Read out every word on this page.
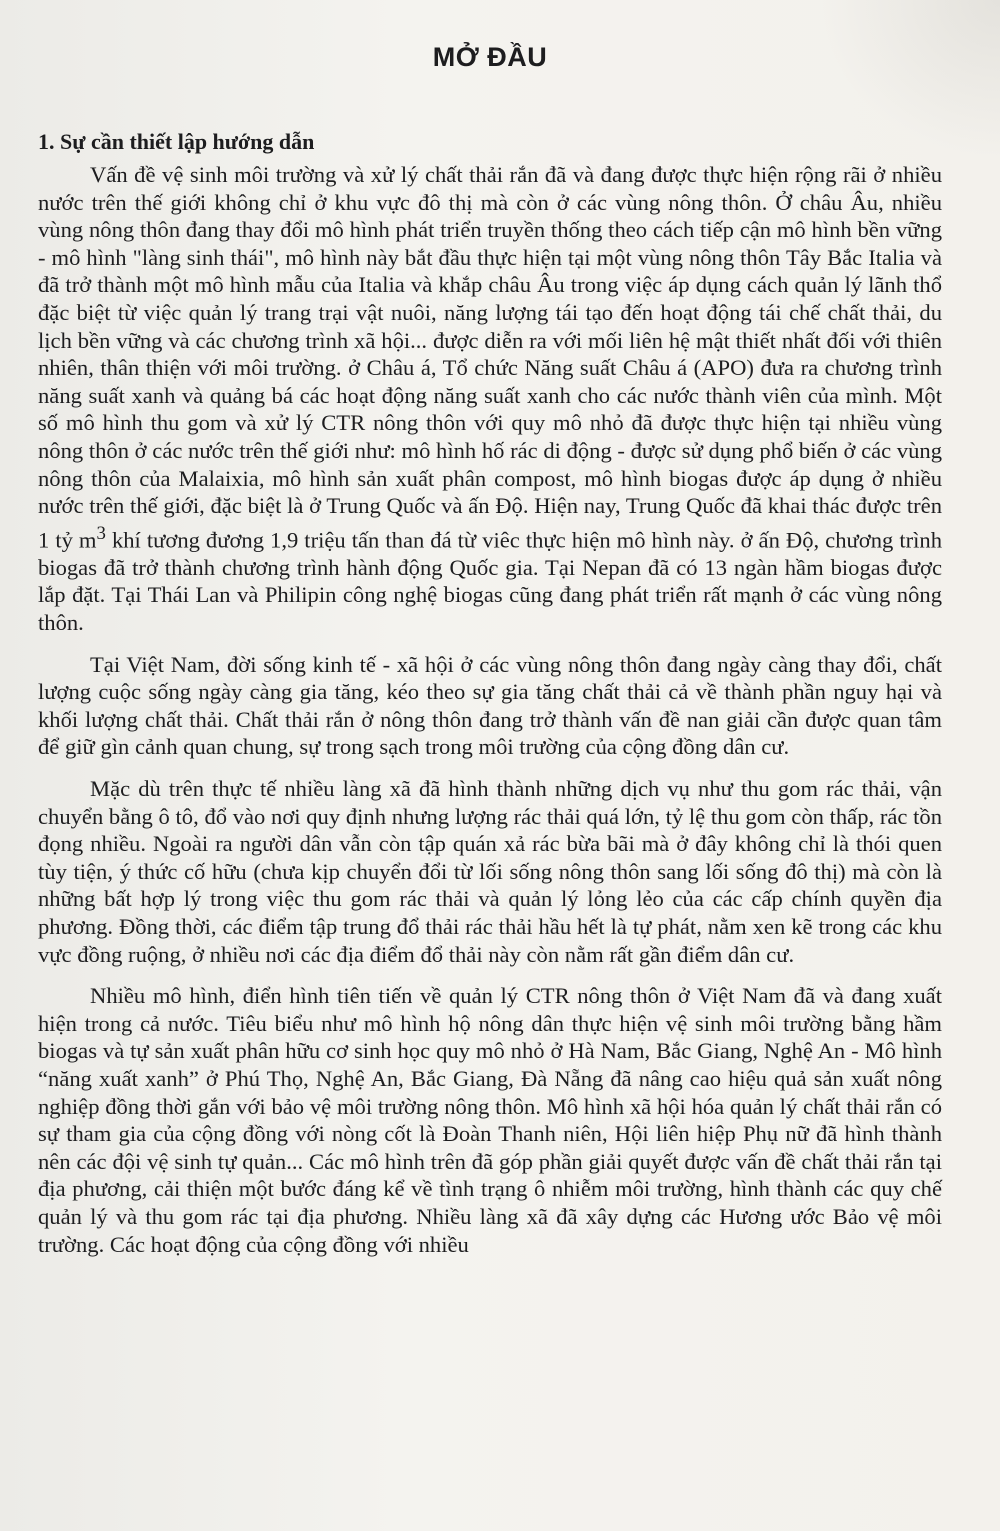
MỞ ĐẦU
1. Sự cần thiết lập hướng dẫn

Vấn đề vệ sinh môi trường và xử lý chất thải rắn đã và đang được thực hiện rộng rãi ở nhiều nước trên thế giới không chỉ ở khu vực đô thị mà còn ở các vùng nông thôn. Ở châu Âu, nhiều vùng nông thôn đang thay đổi mô hình phát triển truyền thống theo cách tiếp cận mô hình bền vững - mô hình "làng sinh thái", mô hình này bắt đầu thực hiện tại một vùng nông thôn Tây Bắc Italia và đã trở thành một mô hình mẫu của Italia và khắp châu Âu trong việc áp dụng cách quản lý lãnh thổ đặc biệt từ việc quản lý trang trại vật nuôi, năng lượng tái tạo đến hoạt động tái chế chất thải, du lịch bền vững và các chương trình xã hội... được diễn ra với mối liên hệ mật thiết nhất đối với thiên nhiên, thân thiện với môi trường. ở Châu á, Tổ chức Năng suất Châu á (APO) đưa ra chương trình năng suất xanh và quảng bá các hoạt động năng suất xanh cho các nước thành viên của mình. Một số mô hình thu gom và xử lý CTR nông thôn với quy mô nhỏ đã được thực hiện tại nhiều vùng nông thôn ở các nước trên thế giới như: mô hình hố rác di động - được sử dụng phổ biến ở các vùng nông thôn của Malaixia, mô hình sản xuất phân compost, mô hình biogas được áp dụng ở nhiều nước trên thế giới, đặc biệt là ở Trung Quốc và ấn Độ. Hiện nay, Trung Quốc đã khai thác được trên 1 tỷ $m^3$ khí tương đương 1,9 triệu tấn than đá từ viêc thực hiện mô hình này. ở ấn Độ, chương trình biogas đã trở thành chương trình hành động Quốc gia. Tại Nepan đã có 13 ngàn hầm biogas được lắp đặt. Tại Thái Lan và Philipin công nghệ biogas cũng đang phát triển rất mạnh ở các vùng nông thôn.

Tại Việt Nam, đời sống kinh tế - xã hội ở các vùng nông thôn đang ngày càng thay đổi, chất lượng cuộc sống ngày càng gia tăng, kéo theo sự gia tăng chất thải cả về thành phần nguy hại và khối lượng chất thải. Chất thải rắn ở nông thôn đang trở thành vấn đề nan giải cần được quan tâm để giữ gìn cảnh quan chung, sự trong sạch trong môi trường của cộng đồng dân cư.

Mặc dù trên thực tế nhiều làng xã đã hình thành những dịch vụ như thu gom rác thải, vận chuyển bằng ô tô, đổ vào nơi quy định nhưng lượng rác thải quá lớn, tỷ lệ thu gom còn thấp, rác tồn đọng nhiều. Ngoài ra người dân vẫn còn tập quán xả rác bừa bãi mà ở đây không chỉ là thói quen tùy tiện, ý thức cố hữu (chưa kịp chuyển đổi từ lối sống nông thôn sang lối sống đô thị) mà còn là những bất hợp lý trong việc thu gom rác thải và quản lý lỏng lẻo của các cấp chính quyền địa phương. Đồng thời, các điểm tập trung đổ thải rác thải hầu hết là tự phát, nằm xen kẽ trong các khu vực đồng ruộng, ở nhiều nơi các địa điểm đổ thải này còn nằm rất gần điểm dân cư.

Nhiều mô hình, điển hình tiên tiến về quản lý CTR nông thôn ở Việt Nam đã và đang xuất hiện trong cả nước. Tiêu biểu như mô hình hộ nông dân thực hiện vệ sinh môi trường bằng hầm biogas và tự sản xuất phân hữu cơ sinh học quy mô nhỏ ở Hà Nam, Bắc Giang, Nghệ An - Mô hình “năng xuất xanh” ở Phú Thọ, Nghệ An, Bắc Giang, Đà Nẵng đã nâng cao hiệu quả sản xuất nông nghiệp đồng thời gắn với bảo vệ môi trường nông thôn. Mô hình xã hội hóa quản lý chất thải rắn có sự tham gia của cộng đồng với nòng cốt là Đoàn Thanh niên, Hội liên hiệp Phụ nữ đã hình thành nên các đội vệ sinh tự quản... Các mô hình trên đã góp phần giải quyết được vấn đề chất thải rắn tại địa phương, cải thiện một bước đáng kể về tình trạng ô nhiễm môi trường, hình thành các quy chế quản lý và thu gom rác tại địa phương. Nhiều làng xã đã xây dựng các Hương ước Bảo vệ môi trường. Các hoạt động của cộng đồng với nhiều
